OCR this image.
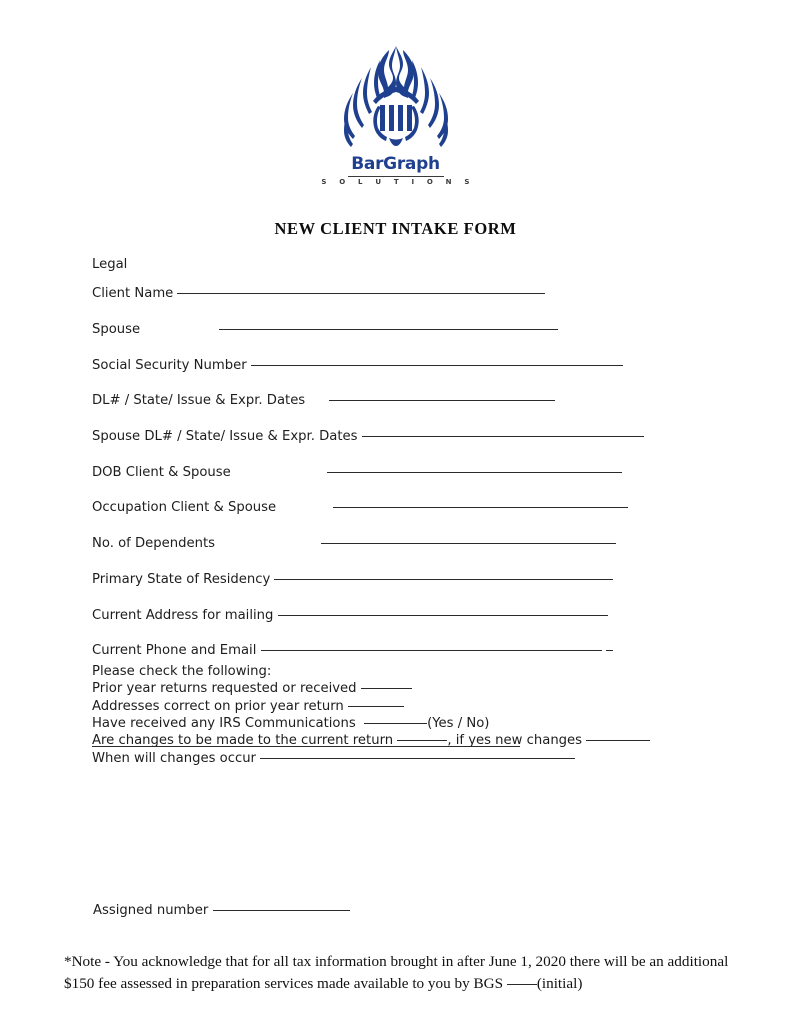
BarGraph
S O L U T I O N S
NEW CLIENT INTAKE FORM
Legal
Client Name
Spouse
Social Security Number
DL# / State/ Issue & Expr. Dates
Spouse DL# / State/ Issue & Expr. Dates
DOB Client & Spouse
Occupation Client & Spouse
No. of Dependents
Primary State of Residency
Current Address for mailing
Current Phone and Email
Please check the following:
Prior year returns requested or received
Addresses correct on prior year return
Have received any IRS Communications	(Yes / No)
Are changes to be made to the current return	, if yes new changes
When will changes occur
Assigned number
*Note - You acknowledge that for all tax information brought in after June 1, 2020 there will be an additional
$150 fee assessed in preparation services made available to you by BGS (initial)
